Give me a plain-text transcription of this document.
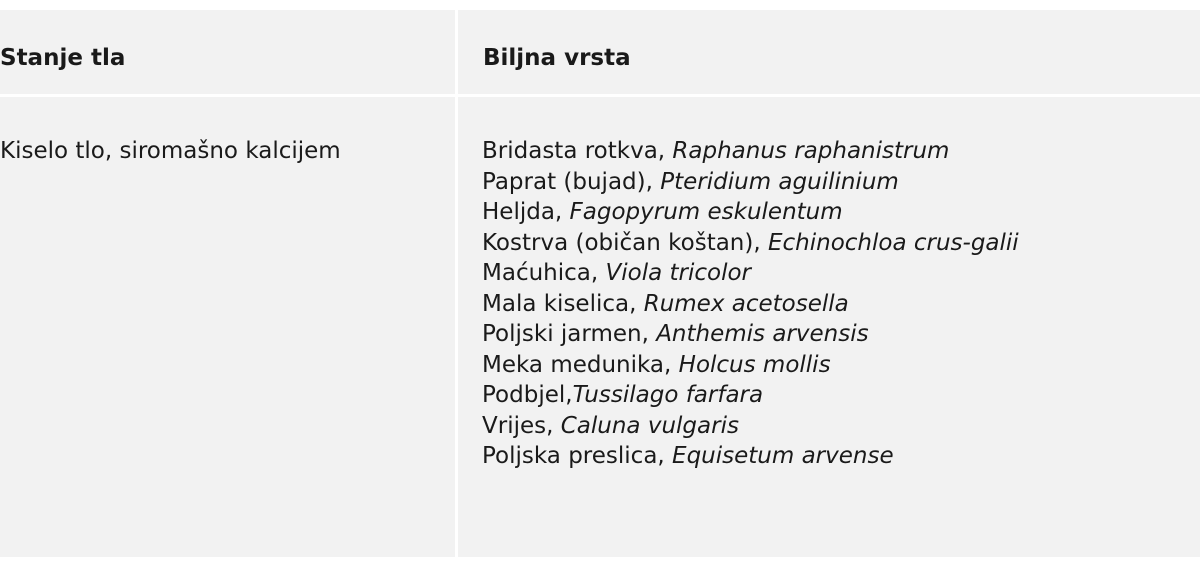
Stanje tla	Biljna vrsta
Kiselo tlo, siromašno kalcijem	Bridasta rotkva, Raphanus raphanistrum
Paprat (bujad), Pteridium aguilinium
Heljda, Fagopyrum eskulentum
Kostrva (običan koštan), Echinochloa crus-galii
Maćuhica, Viola tricolor
Mala kiselica, Rumex acetosella
Poljski jarmen, Anthemis arvensis
Meka medunika, Holcus mollis
Podbjel,Tussilago farfara
Vrijes, Caluna vulgaris
Poljska preslica, Equisetum arvense
